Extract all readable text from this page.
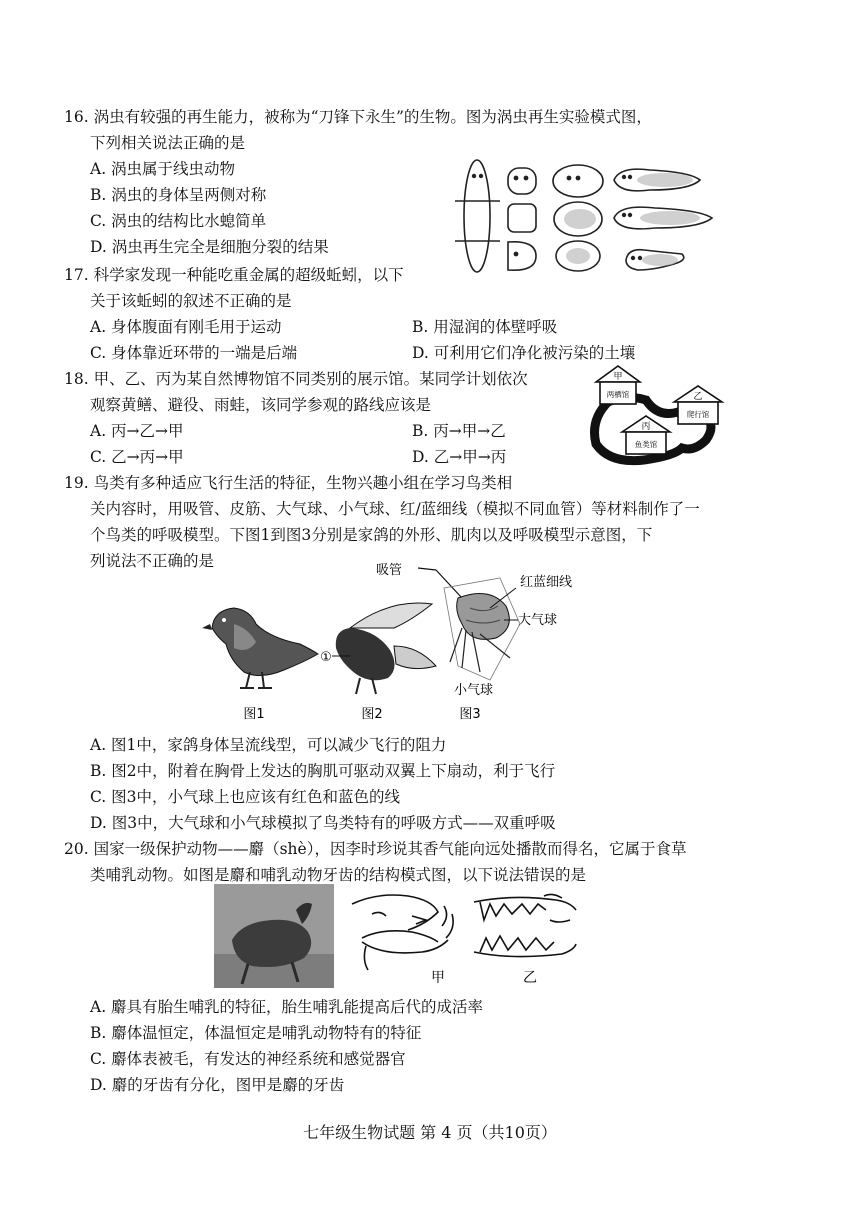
16. 涡虫有较强的再生能力，被称为“刀锋下永生”的生物。图为涡虫再生实验模式图，

下列相关说法正确的是

A. 涡虫属于线虫动物

B. 涡虫的身体呈两侧对称

C. 涡虫的结构比水螅简单

D. 涡虫再生完全是细胞分裂的结果

17. 科学家发现一种能吃重金属的超级蚯蚓，以下

关于该蚯蚓的叙述不正确的是

A. 身体腹面有刚毛用于运动	B. 用湿润的体壁呼吸
C. 身体靠近环带的一端是后端	D. 可利用它们净化被污染的土壤

18. 甲、乙、丙为某自然博物馆不同类别的展示馆。某同学计划依次

观察黄鳝、避役、雨蛙，该同学参观的路线应该是

A. 丙→乙→甲	B. 丙→甲→乙
C. 乙→丙→甲	D. 乙→甲→丙
甲
两栖馆	乙
爬行馆
丙
鱼类馆

19. 鸟类有多种适应飞行生活的特征，生物兴趣小组在学习鸟类相

关内容时，用吸管、皮筋、大气球、小气球、红/蓝细线（模拟不同血管）等材料制作了一

个鸟类的呼吸模型。下图1到图3分别是家鸽的外形、肌肉以及呼吸模型示意图，下

列说法不正确的是

图1
①
图2
吸管
红蓝细线
大气球
小气球
图3

A. 图1中，家鸽身体呈流线型，可以减少飞行的阻力

B. 图2中，附着在胸骨上发达的胸肌可驱动双翼上下扇动，利于飞行

C. 图3中，小气球上也应该有红色和蓝色的线

D. 图3中，大气球和小气球模拟了鸟类特有的呼吸方式——双重呼吸

20. 国家一级保护动物——麝（shè），因李时珍说其香气能向远处播散而得名，它属于食草

类哺乳动物。如图是麝和哺乳动物牙齿的结构模式图，以下说法错误的是

甲	乙

A. 麝具有胎生哺乳的特征，胎生哺乳能提高后代的成活率

B. 麝体温恒定，体温恒定是哺乳动物特有的特征

C. 麝体表被毛，有发达的神经系统和感觉器官

D. 麝的牙齿有分化，图甲是麝的牙齿

七年级生物试题 第 4 页（共10页）
